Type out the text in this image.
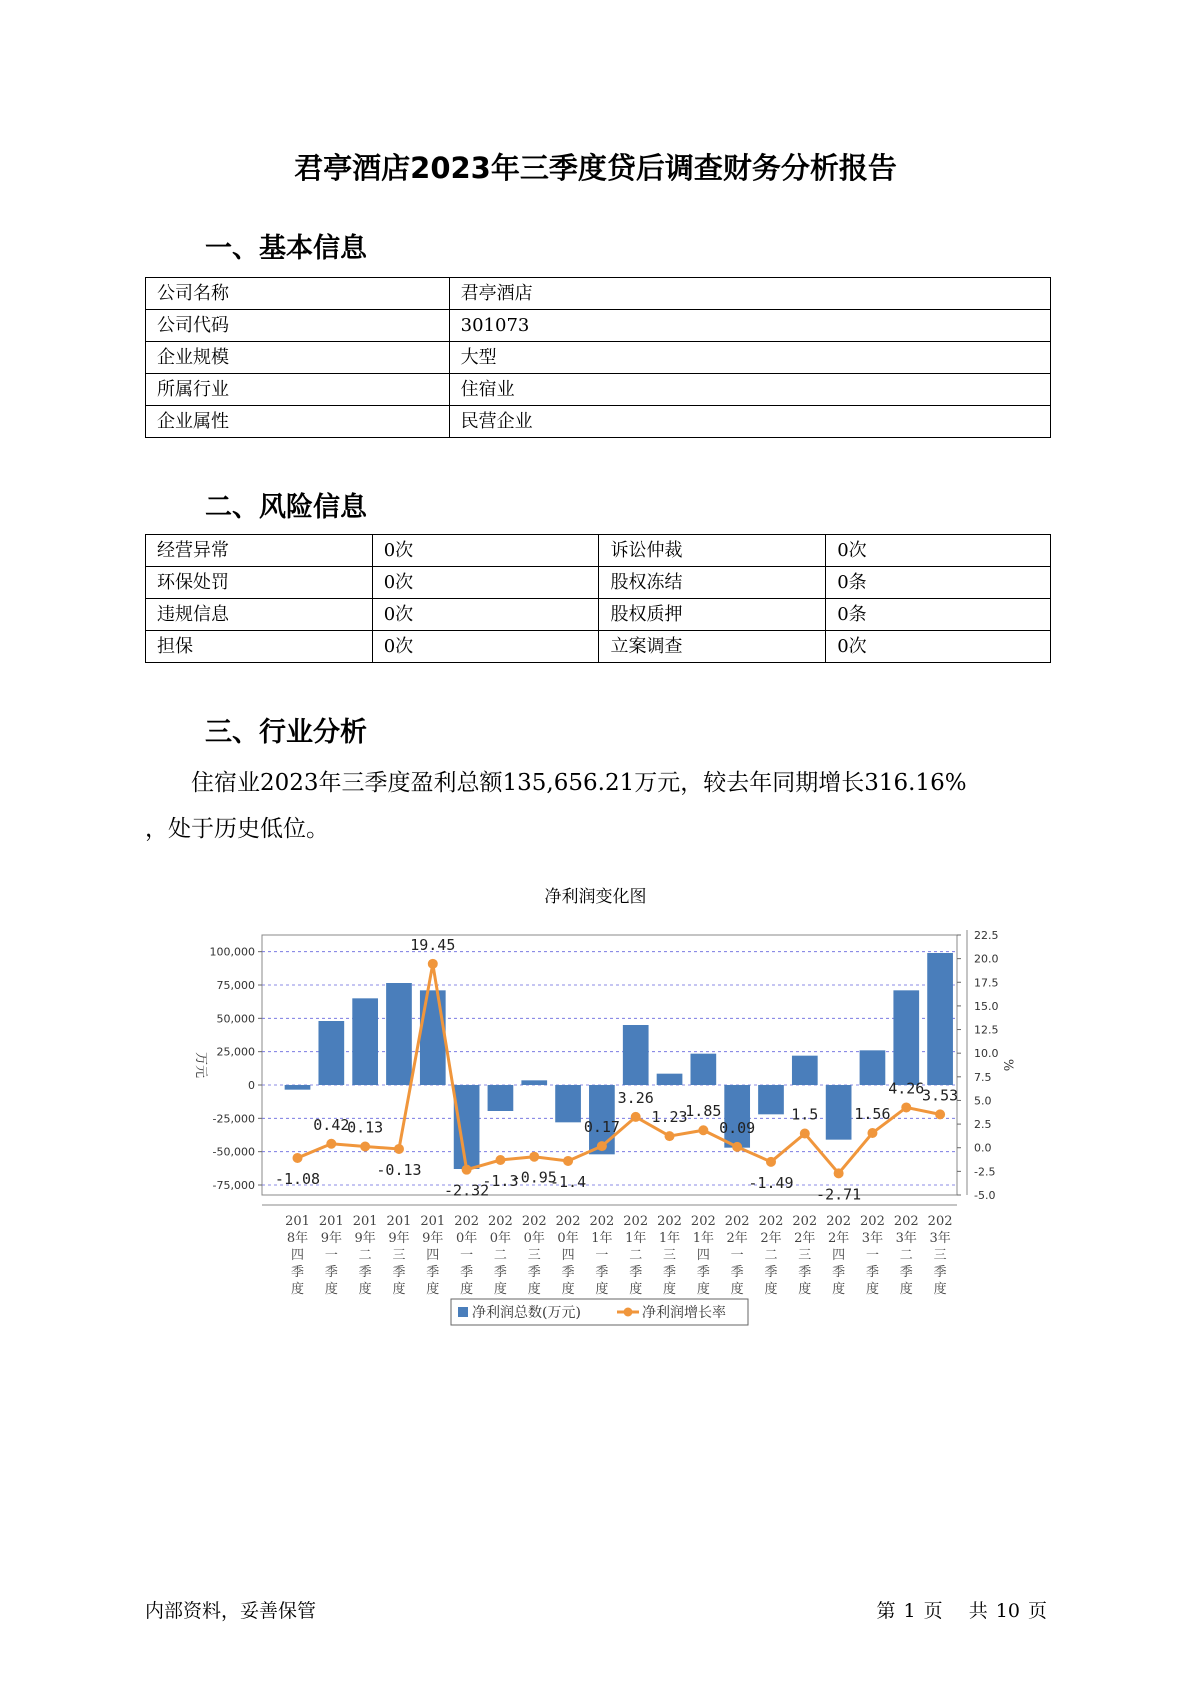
君亭酒店2023年三季度贷后调查财务分析报告
一、基本信息
公司名称	君亭酒店
公司代码	301073
企业规模	大型
所属行业	住宿业
企业属性	民营企业
二、风险信息
经营异常	0次	诉讼仲裁	0次
环保处罚	0次	股权冻结	0条
违规信息	0次	股权质押	0条
担保	0次	立案调查	0次
三、行业分析
住宿业2023年三季度盈利总额135,656.21万元，较去年同期增长316.16%
，处于历史低位。
净利润变化图
100,000
75,000
50,000
25,000
0
-25,000
-50,000
-75,000
22.5
20.0
17.5
15.0
12.5
10.0
7.5
5.0
2.5
0.0
-2.5
-5.0
万元	%
-1.08
0.42
0.13
-0.13
19.45
-2.32
-1.3
-0.95
-1.4
0.17
3.26
1.23
1.85
0.09
-1.49
1.5
-2.71
1.56
4.26
3.53
201
8年
四
季
度
201
9年
一
季
度
201
9年
二
季
度
201
9年
三
季
度
201
9年
四
季
度
202
0年
一
季
度
202
0年
二
季
度
202
0年
三
季
度
202
0年
四
季
度
202
1年
一
季
度
202
1年
二
季
度
202
1年
三
季
度
202
1年
四
季
度
202
2年
一
季
度
202
2年
二
季
度
202
2年
三
季
度
202
2年
四
季
度
202
3年
一
季
度
202
3年
二
季
度
202
3年
三
季
度
净利润总数(万元)	净利润增长率
内部资料，妥善保管	第 1 页 共 10 页
